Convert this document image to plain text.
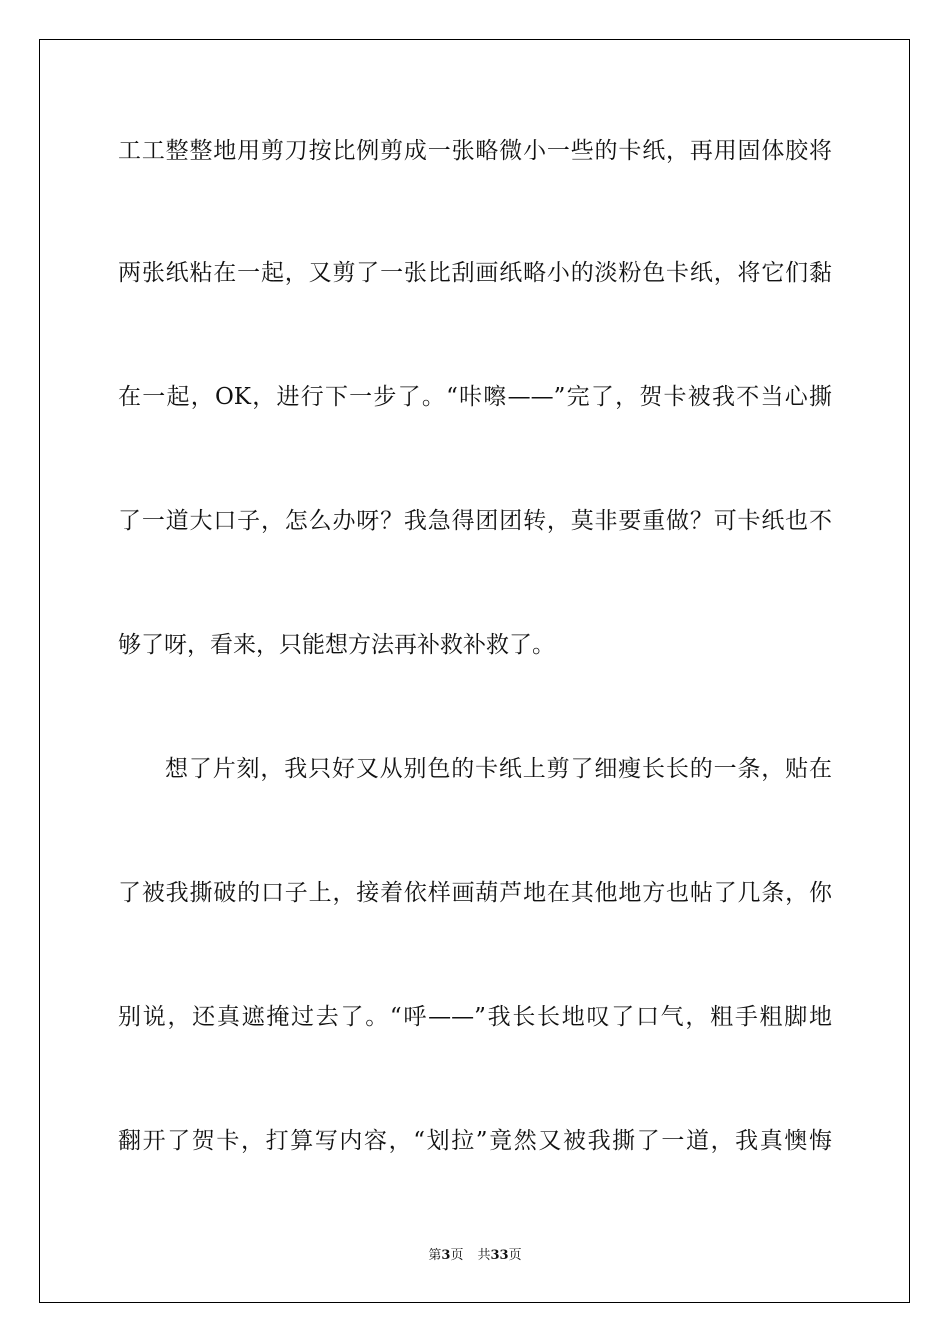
工工整整地用剪刀按比例剪成一张略微小一些的卡纸，再用固体胶将
两张纸粘在一起，又剪了一张比刮画纸略小的淡粉色卡纸，将它们黏
在一起，OK，进行下一步了。“咔嚓——”完了，贺卡被我不当心撕
了一道大口子，怎么办呀？我急得团团转，莫非要重做？可卡纸也不
够了呀，看来，只能想方法再补救补救了。
想了片刻，我只好又从别色的卡纸上剪了细瘦长长的一条，贴在
了被我撕破的口子上，接着依样画葫芦地在其他地方也帖了几条，你
别说，还真遮掩过去了。“呼——”我长长地叹了口气，粗手粗脚地
翻开了贺卡，打算写内容，“划拉”竟然又被我撕了一道，我真懊悔
第3页 共33页
